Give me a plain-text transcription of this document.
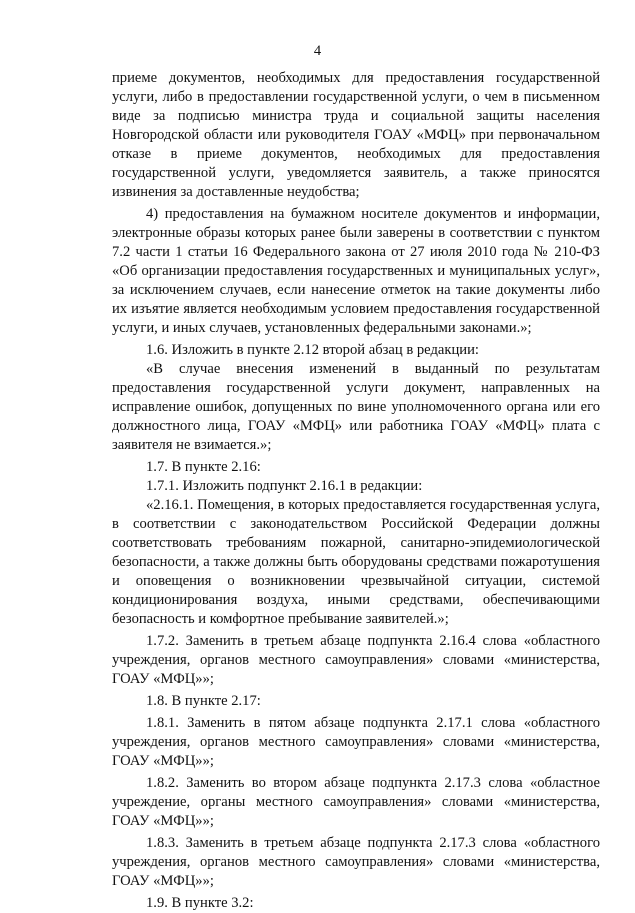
4

приеме документов, необходимых для предоставления государственной услуги, либо в предоставлении государственной услуги, о чем в письменном виде за подписью министра труда и социальной защиты населения Новгородской области или руководителя ГОАУ «МФЦ» при первоначальном отказе в приеме документов, необходимых для предоставления государственной услуги, уведомляется заявитель, а также приносятся извинения за доставленные неудобства;

4) предоставления на бумажном носителе документов и информации, электронные образы которых ранее были заверены в соответствии с пунктом 7.2 части 1 статьи 16 Федерального закона от 27 июля 2010 года № 210-ФЗ «Об организации предоставления государственных и муниципальных услуг», за исключением случаев, если нанесение отметок на такие документы либо их изъятие является необходимым условием предоставления государственной услуги, и иных случаев, установленных федеральными законами.»;

1.6. Изложить в пункте 2.12 второй абзац в редакции:

«В случае внесения изменений в выданный по результатам предоставления государственной услуги документ, направленных на исправление ошибок, допущенных по вине уполномоченного органа или его должностного лица, ГОАУ «МФЦ» или работника ГОАУ «МФЦ» плата с заявителя не взимается.»;

1.7. В пункте 2.16:

1.7.1. Изложить подпункт 2.16.1 в редакции:

«2.16.1. Помещения, в которых предоставляется государственная услуга, в соответствии с законодательством Российской Федерации должны соответствовать требованиям пожарной, санитарно-эпидемиологической безопасности, а также должны быть оборудованы средствами пожаротушения и оповещения о возникновении чрезвычайной ситуации, системой кондиционирования воздуха, иными средствами, обеспечивающими безопасность и комфортное пребывание заявителей.»;

1.7.2. Заменить в третьем абзаце подпункта 2.16.4 слова «областного учреждения, органов местного самоуправления» словами «министерства, ГОАУ «МФЦ»»;

1.8. В пункте 2.17:

1.8.1. Заменить в пятом абзаце подпункта 2.17.1 слова «областного учреждения, органов местного самоуправления» словами «министерства, ГОАУ «МФЦ»»;

1.8.2. Заменить во втором абзаце подпункта 2.17.3 слова «областное учреждение, органы местного самоуправления» словами «министерства, ГОАУ «МФЦ»»;

1.8.3. Заменить в третьем абзаце подпункта 2.17.3 слова «областного учреждения, органов местного самоуправления» словами «министерства, ГОАУ «МФЦ»»;

1.9. В пункте 3.2:
